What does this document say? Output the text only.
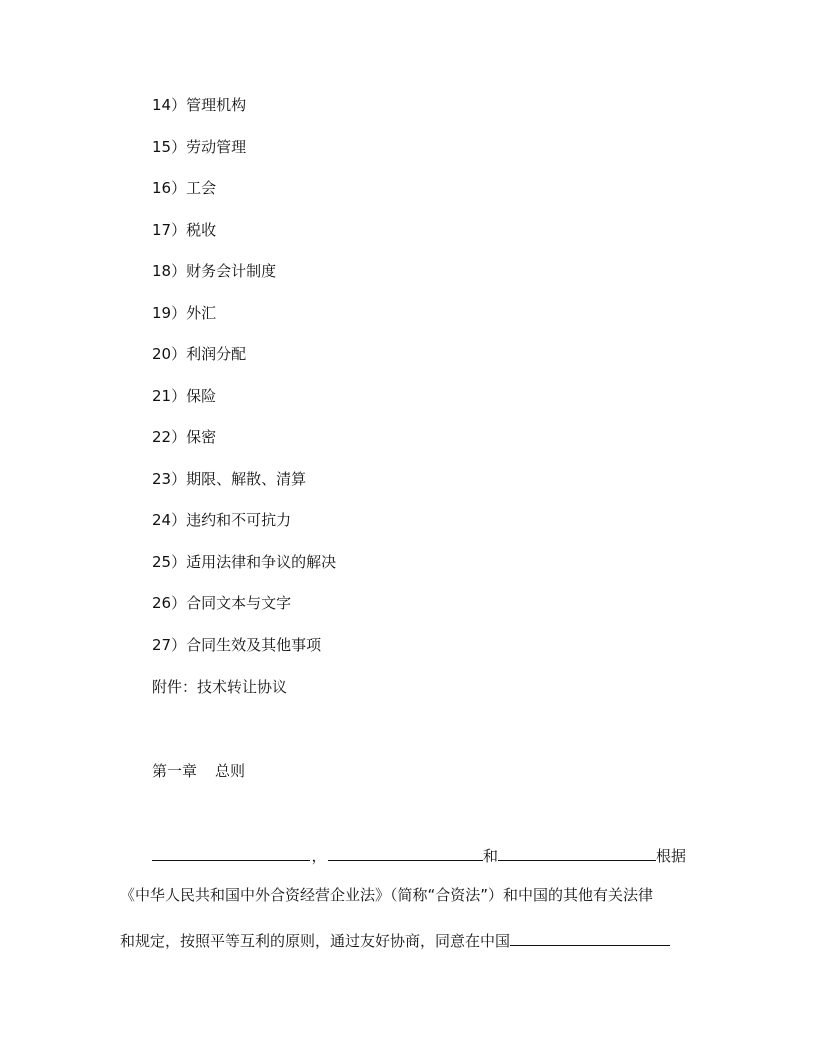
14）管理机构
15）劳动管理
16）工会
17）税收
18）财务会计制度
19）外汇
20）利润分配
21）保险
22）保密
23）期限、解散、清算
24）违约和不可抗力
25）适用法律和争议的解决
26）合同文本与文字
27）合同生效及其他事项
附件：技术转让协议
第一章 总则
，	和	根据
《中华人民共和国中外合资经营企业法》（简称“合资法”）和中国的其他有关法律
和规定，按照平等互利的原则，通过友好协商，同意在中国
